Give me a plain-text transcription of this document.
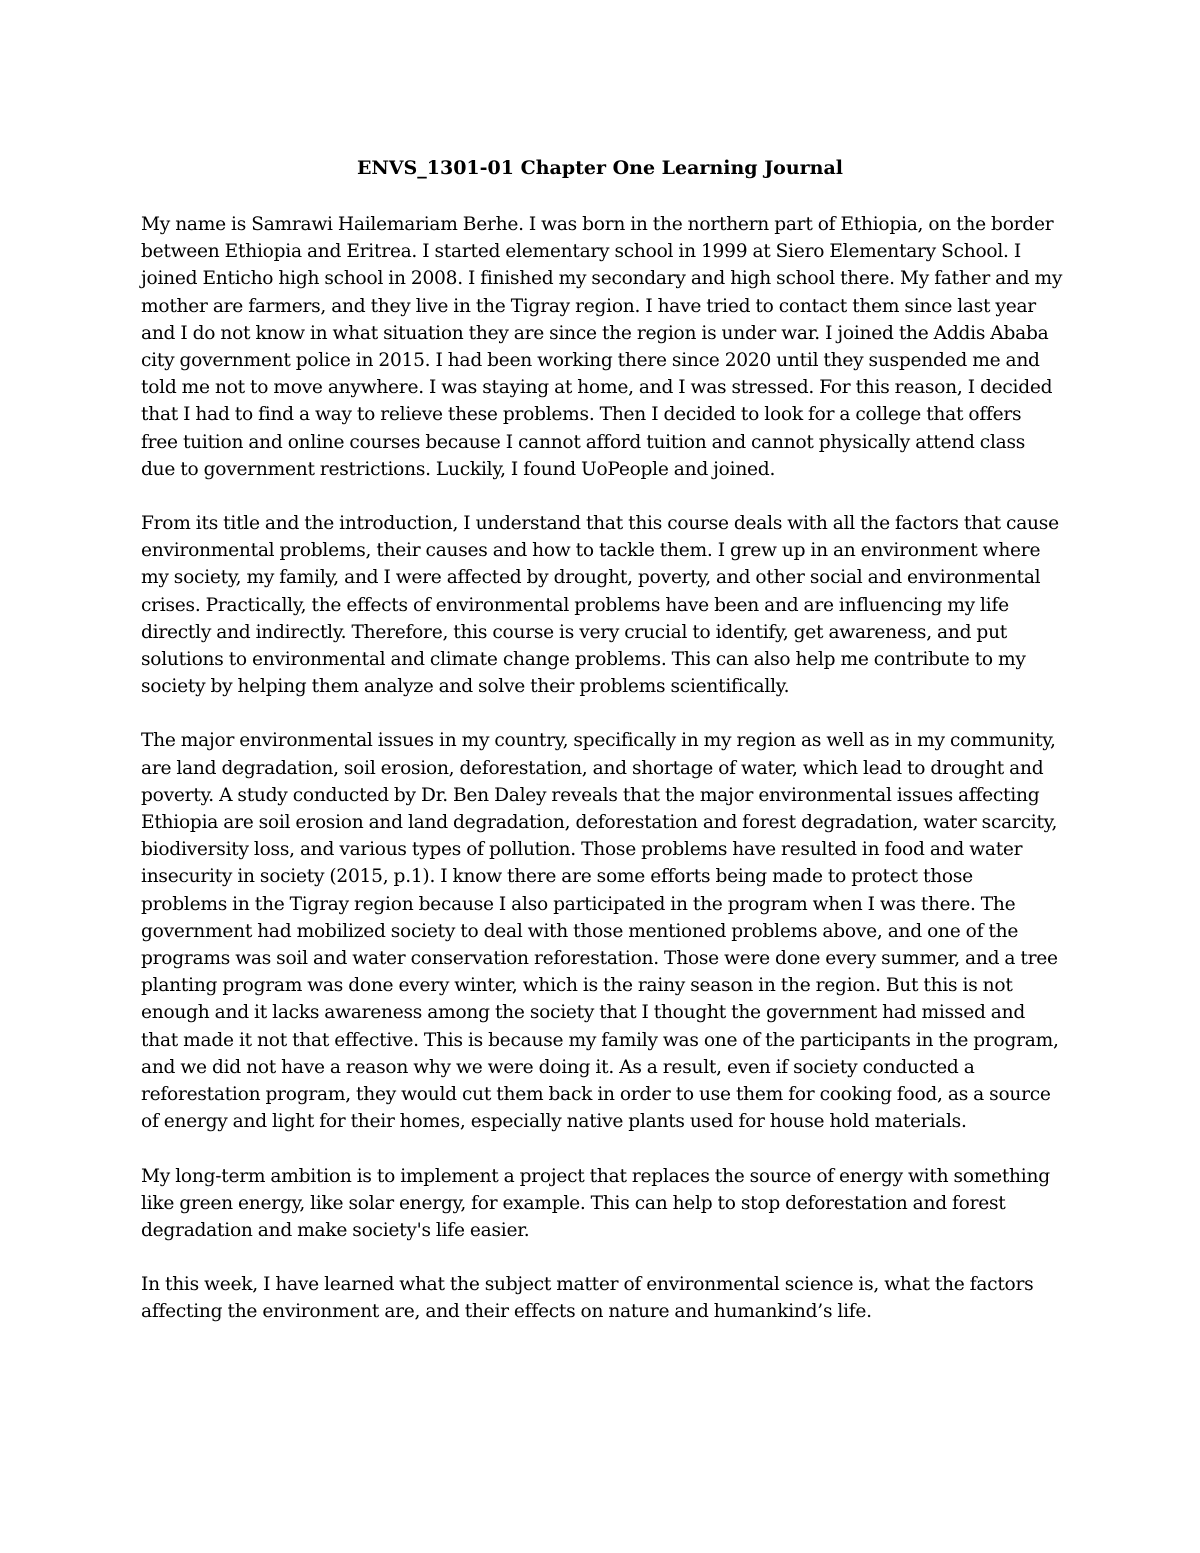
ENVS_1301-01 Chapter One Learning Journal

My name is Samrawi Hailemariam Berhe. I was born in the northern part of Ethiopia, on the border between Ethiopia and Eritrea. I started elementary school in 1999 at Siero Elementary School. I joined Enticho high school in 2008. I finished my secondary and high school there. My father and my mother are farmers, and they live in the Tigray region. I have tried to contact them since last year and I do not know in what situation they are since the region is under war. I joined the Addis Ababa city government police in 2015. I had been working there since 2020 until they suspended me and told me not to move anywhere. I was staying at home, and I was stressed. For this reason, I decided that I had to find a way to relieve these problems. Then I decided to look for a college that offers free tuition and online courses because I cannot afford tuition and cannot physically attend class due to government restrictions. Luckily, I found UoPeople and joined.

From its title and the introduction, I understand that this course deals with all the factors that cause environmental problems, their causes and how to tackle them. I grew up in an environment where my society, my family, and I were affected by drought, poverty, and other social and environmental crises. Practically, the effects of environmental problems have been and are influencing my life directly and indirectly. Therefore, this course is very crucial to identify, get awareness, and put solutions to environmental and climate change problems. This can also help me contribute to my society by helping them analyze and solve their problems scientifically.

The major environmental issues in my country, specifically in my region as well as in my community, are land degradation, soil erosion, deforestation, and shortage of water, which lead to drought and poverty. A study conducted by Dr. Ben Daley reveals that the major environmental issues affecting Ethiopia are soil erosion and land degradation, deforestation and forest degradation, water scarcity, biodiversity loss, and various types of pollution. Those problems have resulted in food and water insecurity in society (2015, p.1). I know there are some efforts being made to protect those problems in the Tigray region because I also participated in the program when I was there. The government had mobilized society to deal with those mentioned problems above, and one of the programs was soil and water conservation reforestation. Those were done every summer, and a tree planting program was done every winter, which is the rainy season in the region. But this is not enough and it lacks awareness among the society that I thought the government had missed and that made it not that effective. This is because my family was one of the participants in the program, and we did not have a reason why we were doing it. As a result, even if society conducted a reforestation program, they would cut them back in order to use them for cooking food, as a source of energy and light for their homes, especially native plants used for house hold materials.

My long-term ambition is to implement a project that replaces the source of energy with something like green energy, like solar energy, for example. This can help to stop deforestation and forest degradation and make society's life easier.

In this week, I have learned what the subject matter of environmental science is, what the factors affecting the environment are, and their effects on nature and humankind’s life.
